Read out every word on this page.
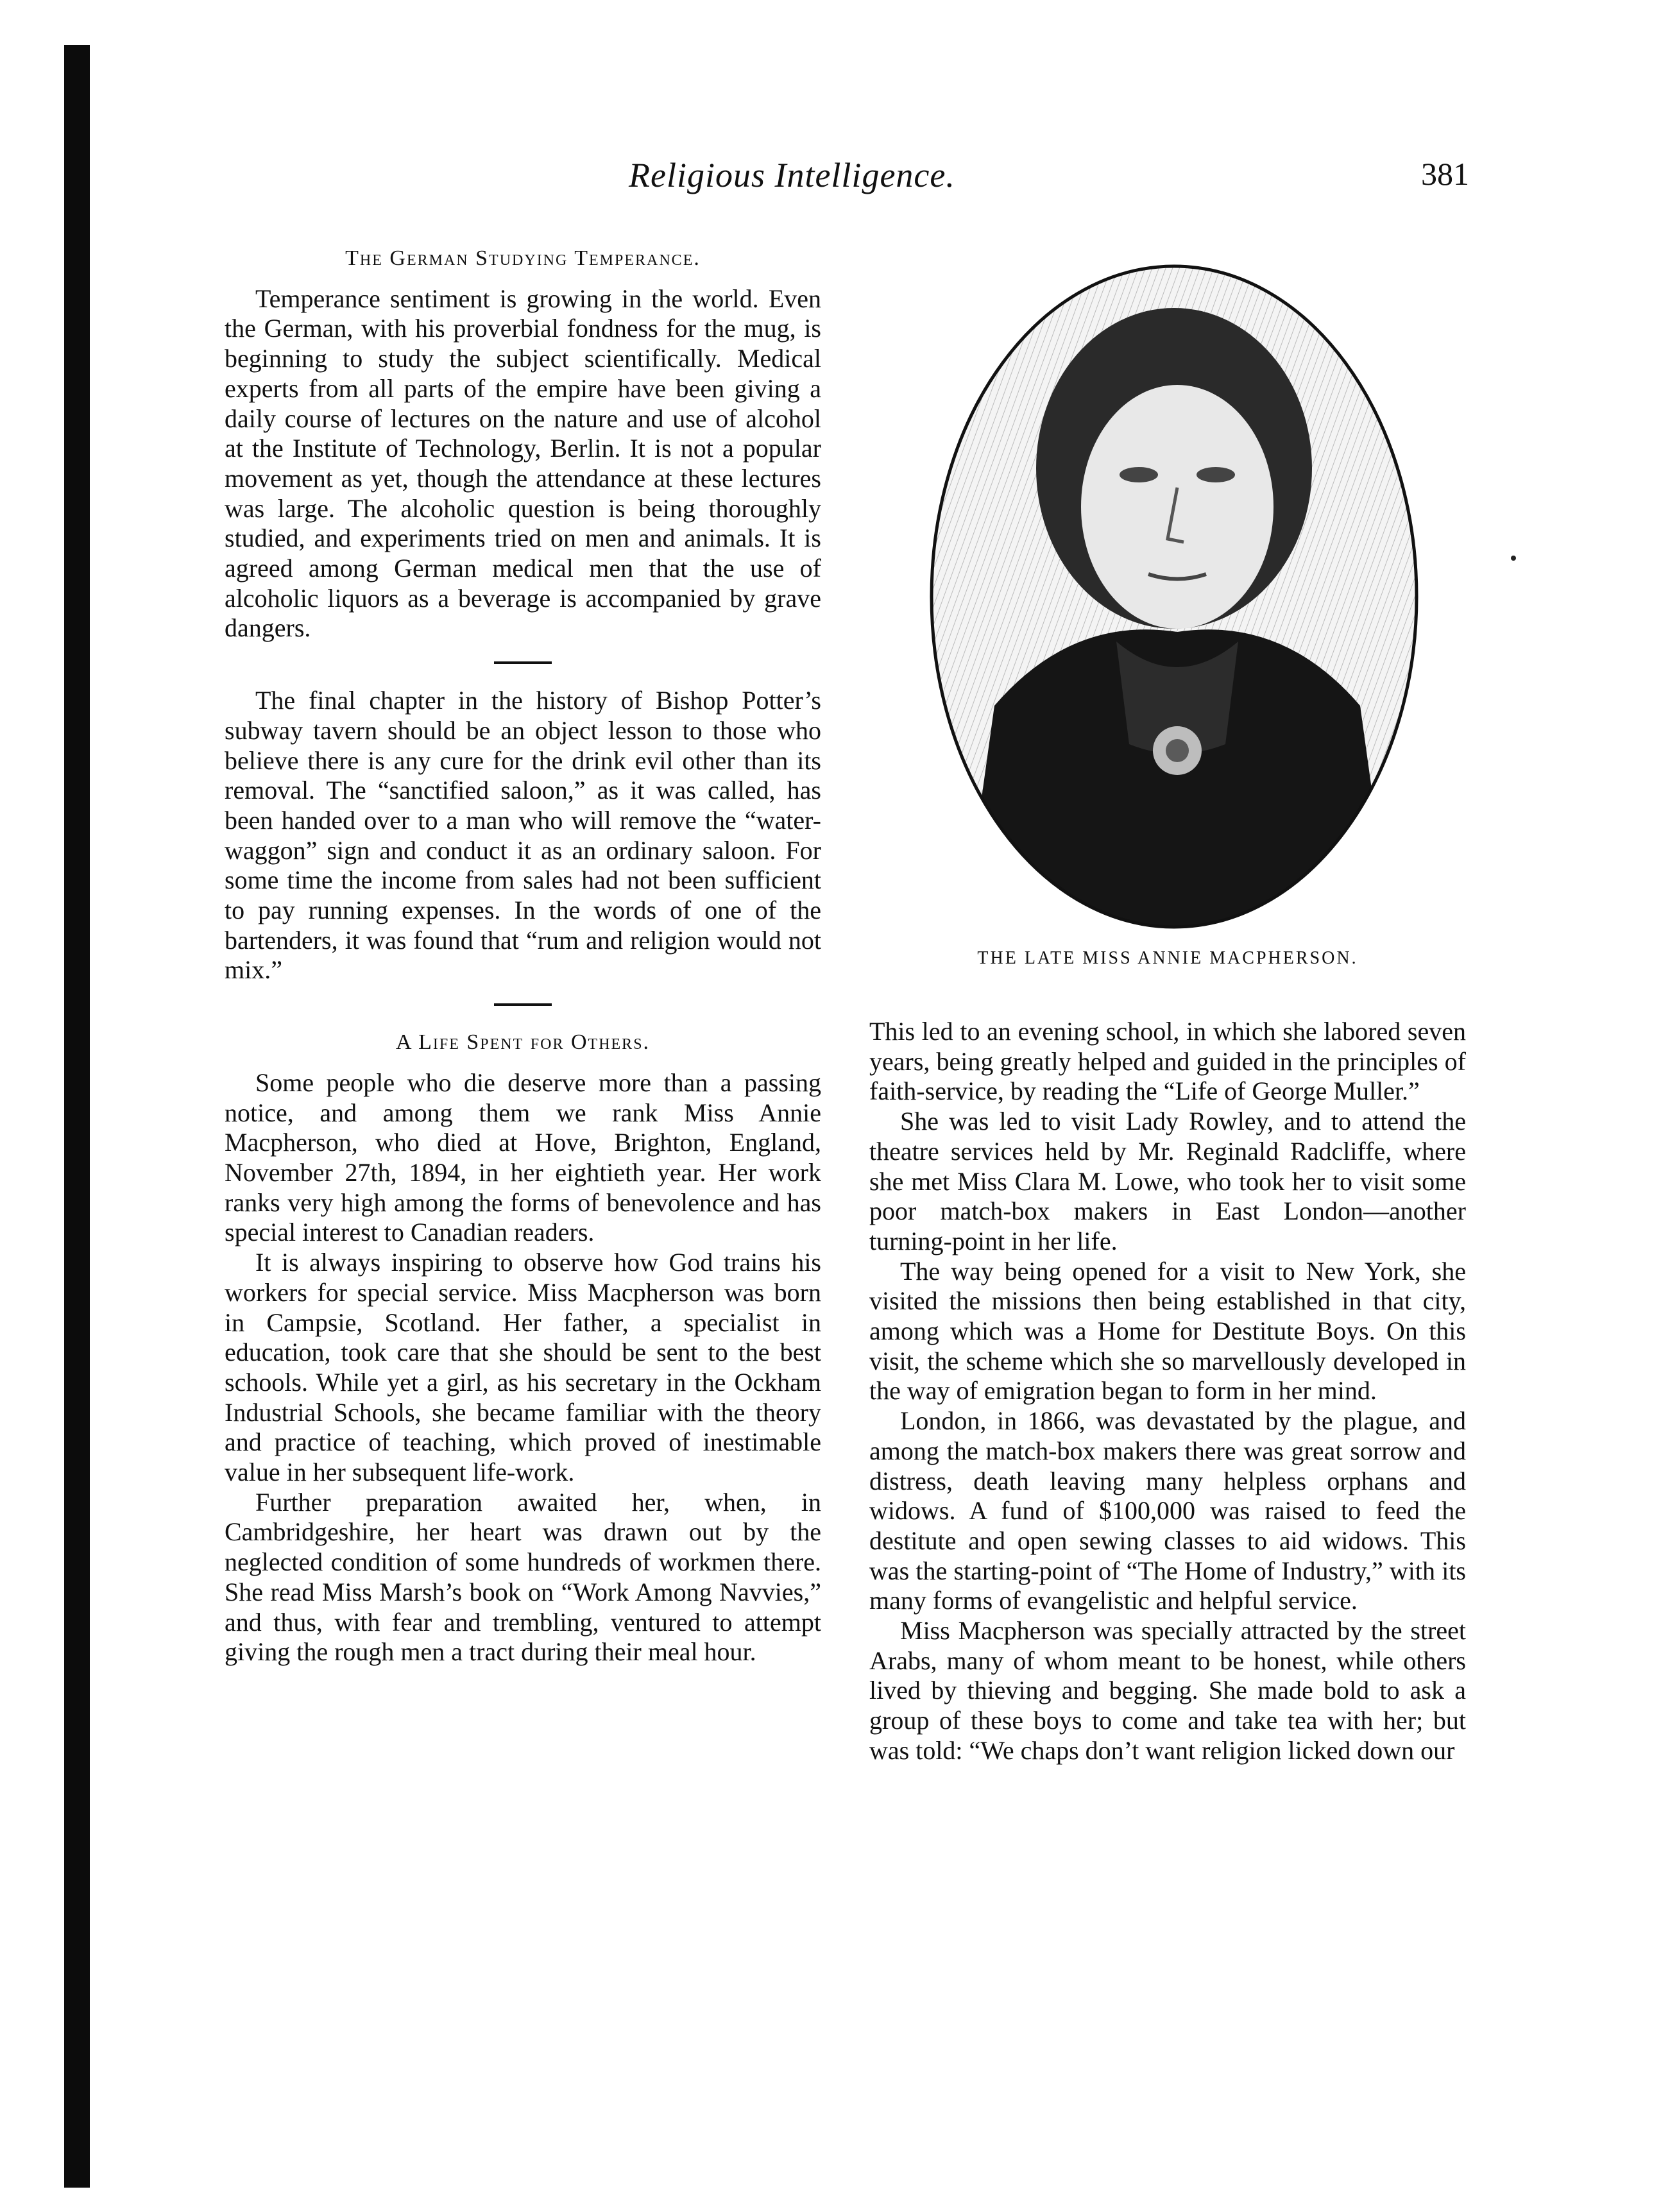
Religious Intelligence.	381
The German Studying Temperance.

Temperance sentiment is growing in the world. Even the German, with his proverbial fondness for the mug, is beginning to study the subject scientifically. Medical experts from all parts of the empire have been giving a daily course of lectures on the nature and use of alcohol at the Institute of Technology, Berlin. It is not a popular movement as yet, though the attendance at these lectures was large. The alcoholic question is being thoroughly studied, and experiments tried on men and animals. It is agreed among German medical men that the use of alcoholic liquors as a beverage is accompanied by grave dangers.

The final chapter in the history of Bishop Potter’s subway tavern should be an object lesson to those who believe there is any cure for the drink evil other than its removal. The “sanctified saloon,” as it was called, has been handed over to a man who will remove the “water-waggon” sign and conduct it as an ordinary saloon. For some time the income from sales had not been sufficient to pay running expenses. In the words of one of the bartenders, it was found that “rum and religion would not mix.”

A Life Spent for Others.

Some people who die deserve more than a passing notice, and among them we rank Miss Annie Macpherson, who died at Hove, Brighton, England, November 27th, 1894, in her eightieth year. Her work ranks very high among the forms of benevolence and has special interest to Canadian readers.

It is always inspiring to observe how God trains his workers for special service. Miss Macpherson was born in Campsie, Scotland. Her father, a specialist in education, took care that she should be sent to the best schools. While yet a girl, as his secretary in the Ockham Industrial Schools, she became familiar with the theory and practice of teaching, which proved of inestimable value in her subsequent life-work.

Further preparation awaited her, when, in Cambridgeshire, her heart was drawn out by the neglected condition of some hundreds of workmen there. She read Miss Marsh’s book on “Work Among Navvies,” and thus, with fear and trembling, ventured to attempt giving the rough men a tract during their meal hour.

THE LATE MISS ANNIE MACPHERSON.

This led to an evening school, in which she labored seven years, being greatly helped and guided in the principles of faith-service, by reading the “Life of George Muller.”

She was led to visit Lady Rowley, and to attend the theatre services held by Mr. Reginald Radcliffe, where she met Miss Clara M. Lowe, who took her to visit some poor match-box makers in East London—another turning-point in her life.

The way being opened for a visit to New York, she visited the missions then being established in that city, among which was a Home for Destitute Boys. On this visit, the scheme which she so marvellously developed in the way of emigration began to form in her mind.

London, in 1866, was devastated by the plague, and among the match-box makers there was great sorrow and distress, death leaving many helpless orphans and widows. A fund of $100,000 was raised to feed the destitute and open sewing classes to aid widows. This was the starting-point of “The Home of Industry,” with its many forms of evangelistic and helpful service.

Miss Macpherson was specially attracted by the street Arabs, many of whom meant to be honest, while others lived by thieving and begging. She made bold to ask a group of these boys to come and take tea with her; but was told: “We chaps don’t want religion licked down our
